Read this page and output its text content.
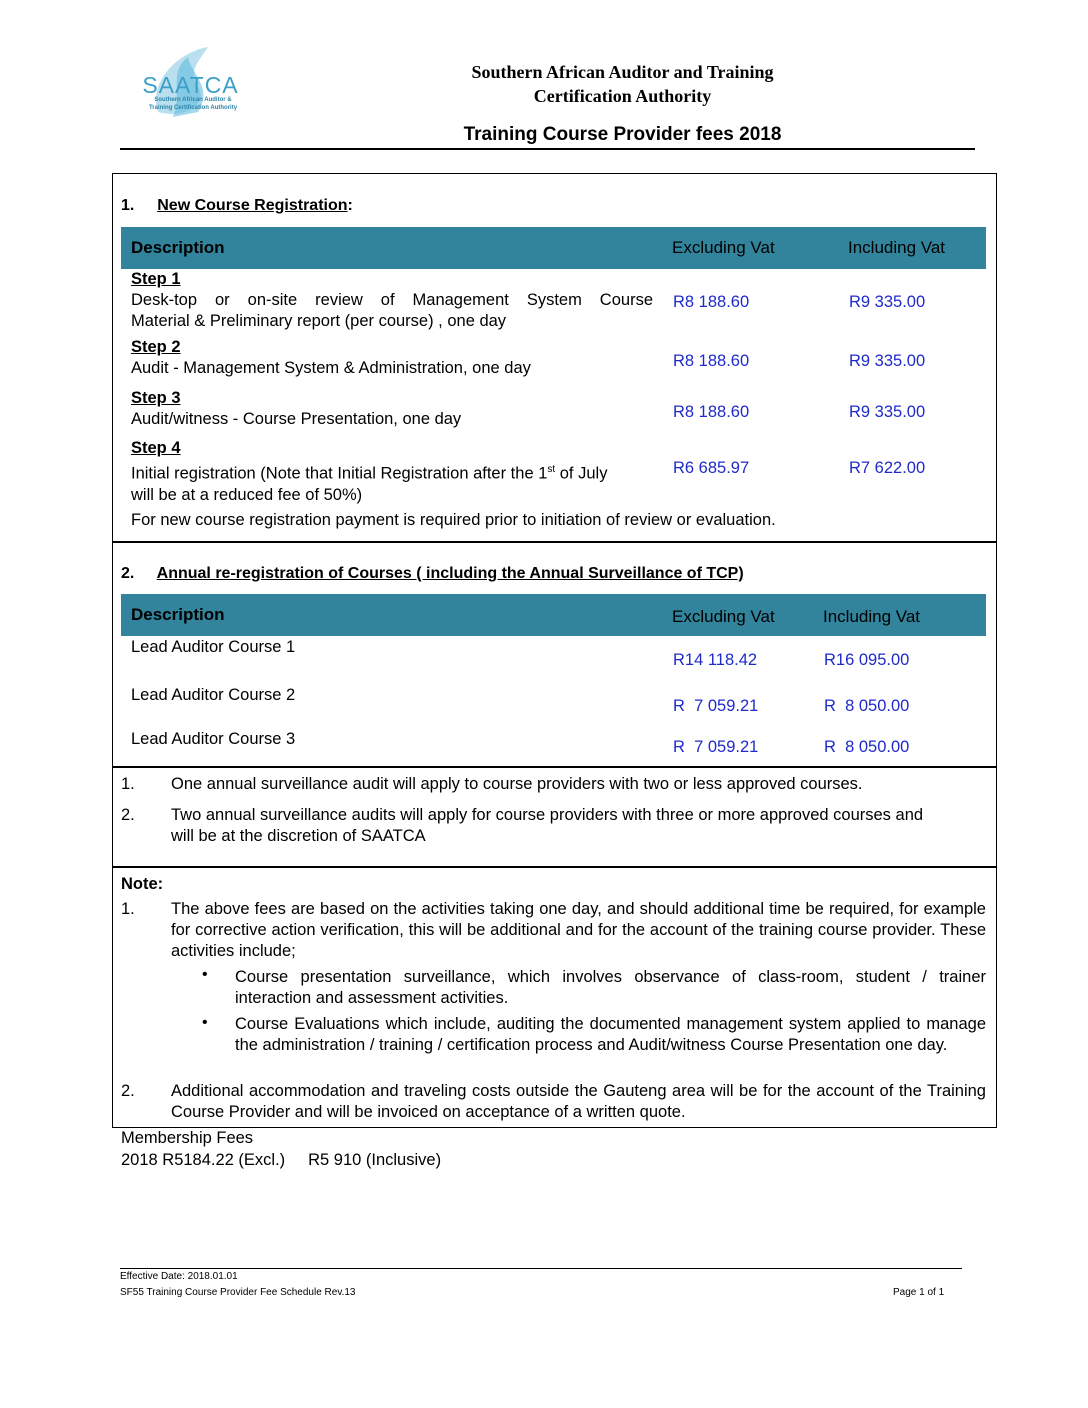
SAATCA
Southern African Auditor &
Training Certification Authority
Southern African Auditor and Training
Certification Authority
Training Course Provider fees 2018
1. New Course Registration:
Description	Excluding Vat	Including Vat
Step 1
Desk-top or on-site review of Management System Course
Material & Preliminary report (per course) , one day
R8 188.60	R9 335.00
Step 2
Audit - Management System & Administration, one day	R8 188.60	R9 335.00
Step 3
Audit/witness - Course Presentation, one day	R8 188.60	R9 335.00
Step 4
Initial registration (Note that Initial Registration after the 1st of July
will be at a reduced fee of 50%)
R6 685.97	R7 622.00
For new course registration payment is required prior to initiation of review or evaluation.
2. Annual re-registration of Courses ( including the Annual Surveillance of TCP)
Description	Excluding Vat	Including Vat
Lead Auditor Course 1
R14 118.42	R16 095.00
Lead Auditor Course 2
R  7 059.21	R  8 050.00
Lead Auditor Course 3	R  7 059.21	R  8 050.00
1. One annual surveillance audit will apply to course providers with two or less approved courses.
2. Two annual surveillance audits will apply for course providers with three or more approved courses and
will be at the discretion of SAATCA
Note:
1. The above fees are based on the activities taking one day, and should additional time be required, for example for corrective action verification, this will be additional and for the account of the training course provider. These activities include;
• Course presentation surveillance, which involves observance of class-room, student / trainer interaction and assessment activities.
• Course Evaluations which include, auditing the documented management system applied to manage the administration / training / certification process and Audit/witness Course Presentation one day.
2. Additional accommodation and traveling costs outside the Gauteng area will be for the account of the Training Course Provider and will be invoiced on acceptance of a written quote.
Membership Fees
2018 R5184.22 (Excl.)     R5 910 (Inclusive)
Effective Date: 2018.01.01
SF55 Training Course Provider Fee Schedule Rev.13	Page 1 of 1
